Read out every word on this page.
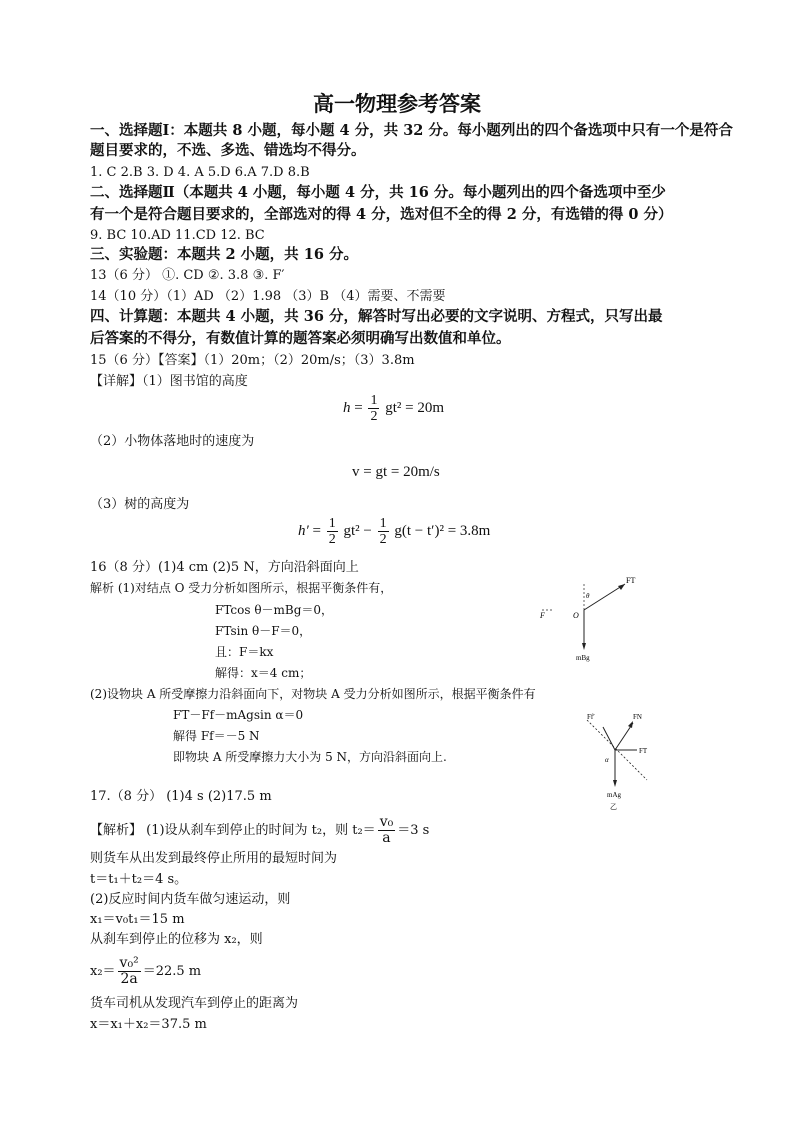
高一物理参考答案
一、选择题Ⅰ：本题共 8 小题，每小题 4 分，共 32 分。每小题列出的四个备选项中只有一个是符合
题目要求的，不选、多选、错选均不得分。
1. C 2.B 3. D 4. A 5.D 6.A 7.D 8.B
二、选择题Ⅱ（本题共 4 小题，每小题 4 分，共 16 分。每小题列出的四个备选项中至少
有一个是符合题目要求的，全部选对的得 4 分，选对但不全的得 2 分，有选错的得 0 分）
9. BC 10.AD 11.CD 12. BC
三、实验题：本题共 2 小题，共 16 分。
13（6 分） ①. CD ②. 3.8 ③. F′
14（10 分）（1）AD （2）1.98 （3）B （4）需要、不需要
四、计算题：本题共 4 小题，共 36 分，解答时写出必要的文字说明、方程式，只写出最
后答案的不得分，有数值计算的题答案必须明确写出数值和单位。
15（6 分）【答案】（1）20m；（2）20m/s；（3）3.8m
【详解】（1）图书馆的高度
$h = \frac{1}{2} gt^2 = 20m$
（2）小物体落地时的速度为
v = gt = 20m/s
（3）树的高度为
$h' = \frac{1}{2} gt^2 - \frac{1}{2} g(t - t')^2 = 3.8m$
16（8 分）(1)4 cm (2)5 N，方向沿斜面向上
解析 (1)对结点 O 受力分析如图所示，根据平衡条件有，
FTcos θ－mBg＝0，
FTsin θ－F＝0，
且：F＝kx
解得：x＝4 cm；
(2)设物块 A 所受摩擦力沿斜面向下，对物块 A 受力分析如图所示，根据平衡条件有
FT－Ff－mAgsin α＝0
解得 Ff＝－5 N
即物块 A 所受摩擦力大小为 5 N，方向沿斜面向上.
FT
θ
F	O
mBg
Ff′	FN
FT
α
mAg
乙
17.（8 分） (1)4 s (2)17.5 m
【解析】 (1)设从刹车到停止的时间为 t₂，则 $t_2= \frac{\text{v₀}}{a} =3$ s
则货车从出发到最终停止所用的最短时间为
t＝t₁＋t₂＝4 s。
(2)反应时间内货车做匀速运动，则
x₁＝v₀t₁＝15 m
从刹车到停止的位移为 x₂，则
$x_2= \frac{\text{v₀²}}{2a} =22.5$ m
货车司机从发现汽车到停止的距离为
x＝x₁＋x₂＝37.5 m
